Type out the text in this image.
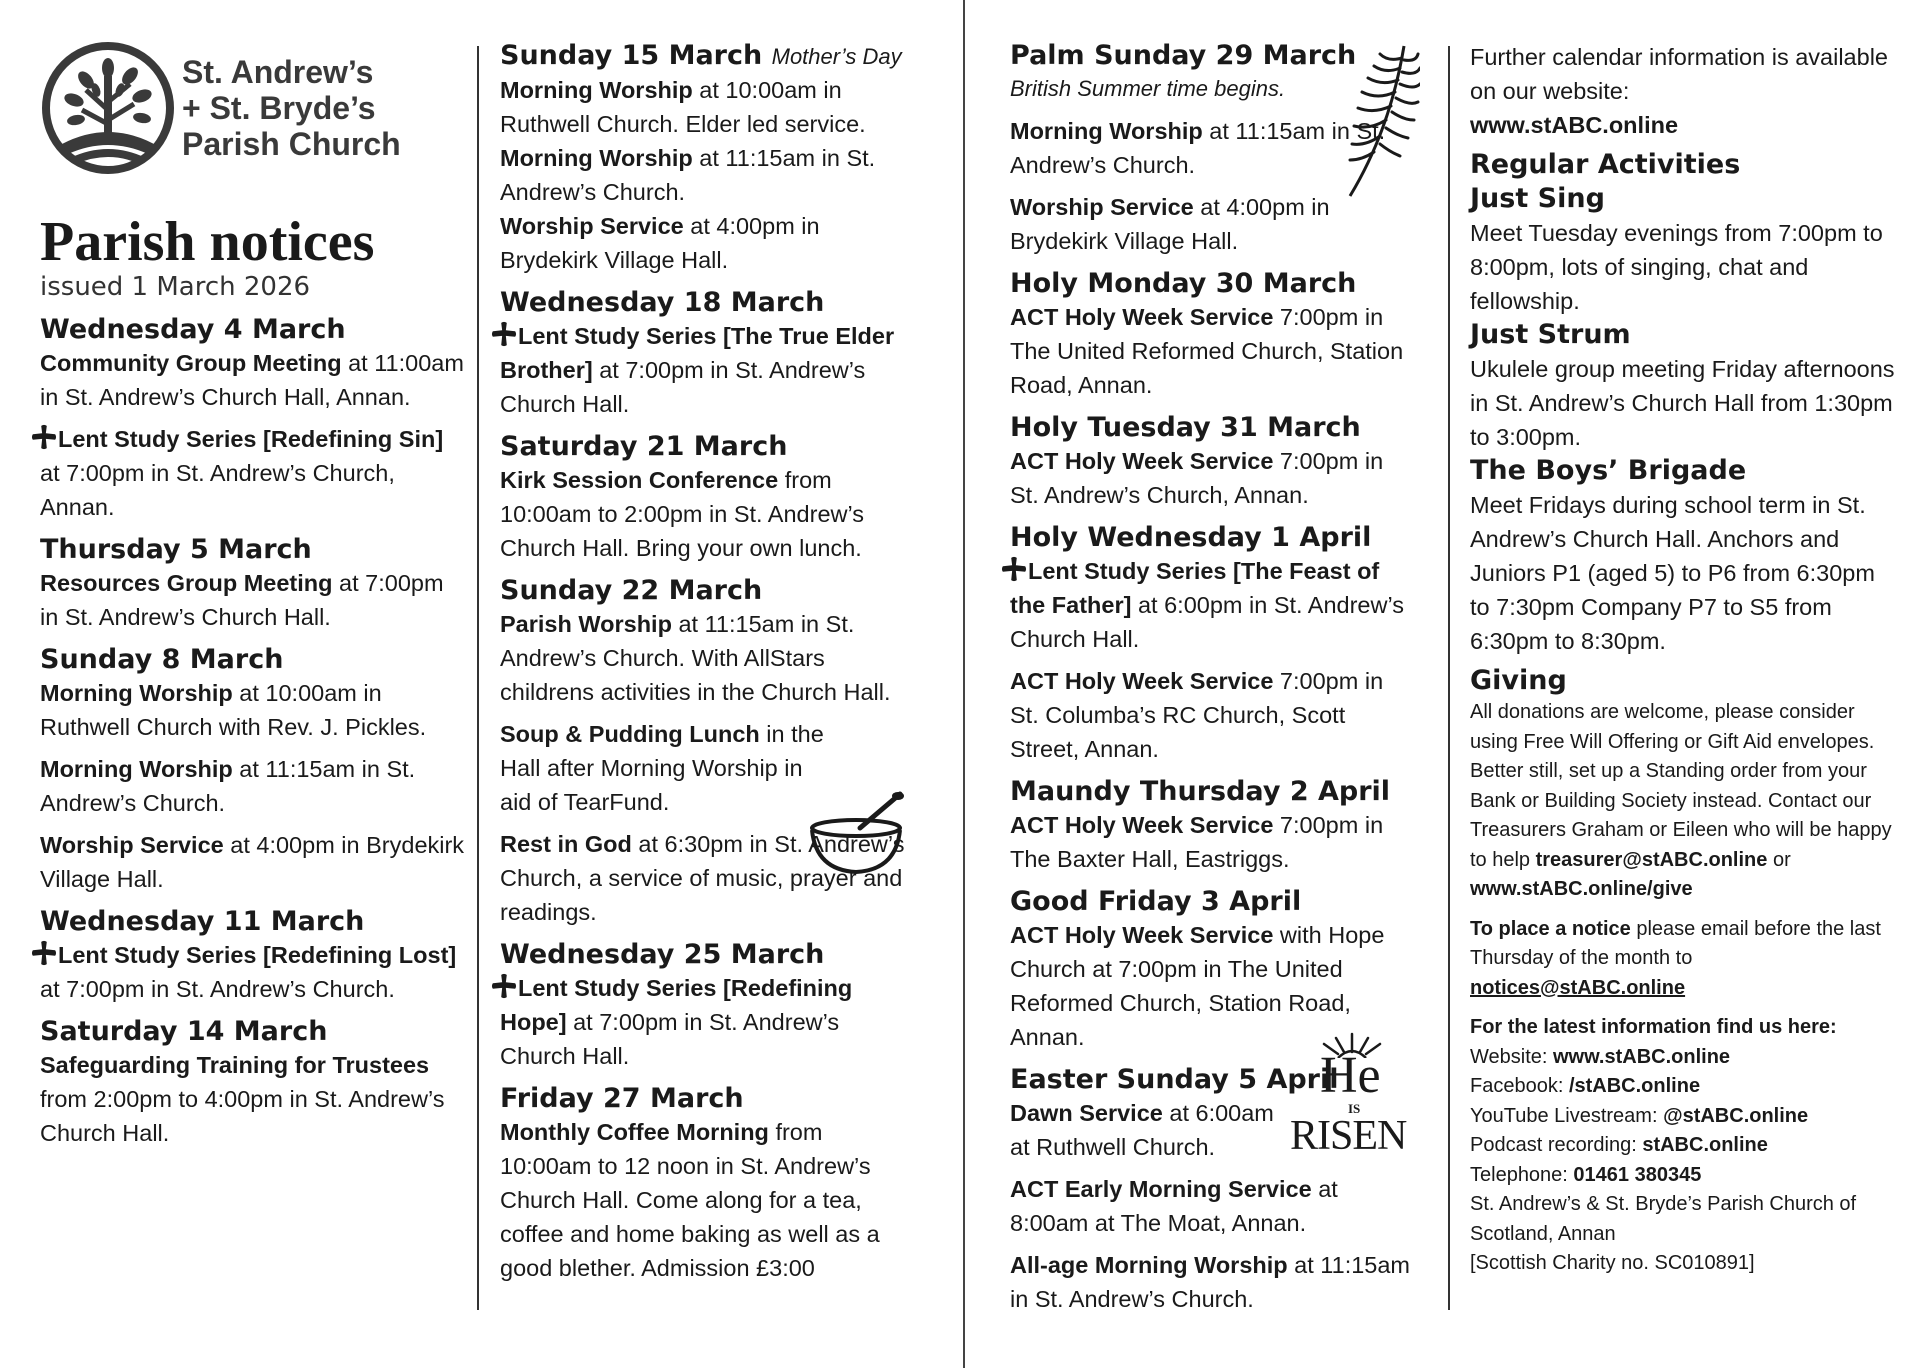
St. Andrew’s
+ St. Bryde’s
Parish Church
Parish notices
issued 1 March 2026
Wednesday 4 March
Community Group Meeting at 11:00am in St. Andrew’s Church Hall, Annan.
Lent Study Series [Redefining Sin] at 7:00pm in St. Andrew’s Church, Annan.
Thursday 5 March
Resources Group Meeting at 7:00pm in St. Andrew’s Church Hall.
Sunday 8 March
Morning Worship at 10:00am in Ruthwell Church with Rev. J. Pickles.
Morning Worship at 11:15am in St. Andrew’s Church.
Worship Service at 4:00pm in Brydekirk Village Hall.
Wednesday 11 March
Lent Study Series [Redefining Lost] at 7:00pm in St. Andrew’s Church.
Saturday 14 March
Safeguarding Training for Trustees from 2:00pm to 4:00pm in St. Andrew’s Church Hall.
Sunday 15 March Mother’s Day
Morning Worship at 10:00am in Ruthwell Church. Elder led service.
Morning Worship at 11:15am in St. Andrew’s Church.
Worship Service at 4:00pm in Brydekirk Village Hall.
Wednesday 18 March
Lent Study Series [The True Elder Brother] at 7:00pm in St. Andrew’s Church Hall.
Saturday 21 March
Kirk Session Conference from 10:00am to 2:00pm in St. Andrew’s Church Hall. Bring your own lunch.
Sunday 22 March
Parish Worship at 11:15am in St. Andrew’s Church. With AllStars childrens activities in the Church Hall.
Soup & Pudding Lunch in the Hall after Morning Worship in aid of TearFund.
Rest in God at 6:30pm in St. Andrew’s Church, a service of music, prayer and readings.
Wednesday 25 March
Lent Study Series [Redefining Hope] at 7:00pm in St. Andrew’s Church Hall.
Friday 27 March
Monthly Coffee Morning from 10:00am to 12 noon in St. Andrew’s Church Hall. Come along for a tea, coffee and home baking as well as a good blether. Admission £3:00
Palm Sunday 29 March
British Summer time begins.
Morning Worship at 11:15am in St. Andrew’s Church.
Worship Service at 4:00pm in Brydekirk Village Hall.
Holy Monday 30 March
ACT Holy Week Service 7:00pm in The United Reformed Church, Station Road, Annan.
Holy Tuesday 31 March
ACT Holy Week Service 7:00pm in St. Andrew’s Church, Annan.
Holy Wednesday 1 April
Lent Study Series [The Feast of the Father] at 6:00pm in St. Andrew’s Church Hall.
ACT Holy Week Service 7:00pm in St. Columba’s RC Church, Scott Street, Annan.
Maundy Thursday 2 April
ACT Holy Week Service 7:00pm in The Baxter Hall, Eastriggs.
Good Friday 3 April
ACT Holy Week Service with Hope Church at 7:00pm in The United Reformed Church, Station Road, Annan.
Easter Sunday 5 April
Dawn Service at 6:00am at Ruthwell Church.
ACT Early Morning Service at 8:00am at The Moat, Annan.
All-age Morning Worship at 11:15am in St. Andrew’s Church.
He
IS
RISEN
Further calendar information is available on our website:
www.stABC.online
Regular Activities
Just Sing
Meet Tuesday evenings from 7:00pm to 8:00pm, lots of singing, chat and fellowship.
Just Strum
Ukulele group meeting Friday afternoons in St. Andrew’s Church Hall from 1:30pm to 3:00pm.
The Boys’ Brigade
Meet Fridays during school term in St. Andrew’s Church Hall. Anchors and Juniors P1 (aged 5) to P6 from 6:30pm to 7:30pm Company P7 to S5 from 6:30pm to 8:30pm.
Giving
All donations are welcome, please consider using Free Will Offering or Gift Aid envelopes. Better still, set up a Standing order from your Bank or Building Society instead. Contact our Treasurers Graham or Eileen who will be happy to help treasurer@stABC.online or www.stABC.online/give
To place a notice please email before the last Thursday of the month to notices@stABC.online
For the latest information find us here:
Website: www.stABC.online
Facebook: /stABC.online
YouTube Livestream: @stABC.online
Podcast recording: stABC.online
Telephone: 01461 380345
St. Andrew’s & St. Bryde’s Parish Church of Scotland, Annan
[Scottish Charity no. SC010891]
